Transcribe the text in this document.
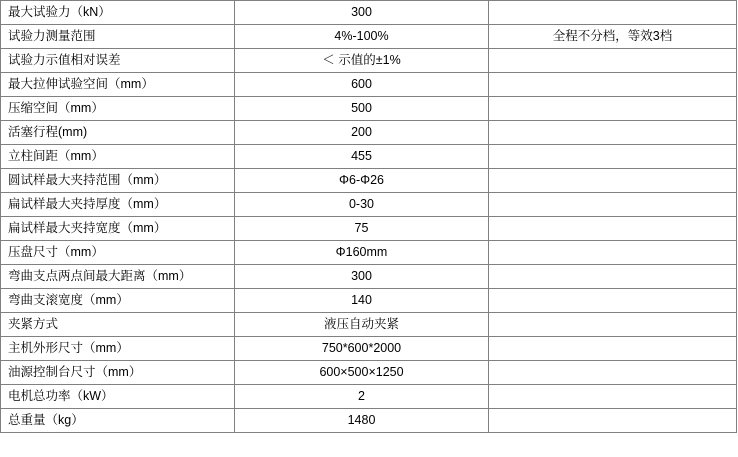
最大试验力（kN）	300	
试验力测量范围	4%-100%	全程不分档，等效3档
试验力示值相对误差	＜ 示值的±1%	
最大拉伸试验空间（mm）	600	
压缩空间（mm）	500	
活塞行程(mm)	200	
立柱间距（mm）	455	
圆试样最大夹持范围（mm）	Φ6-Φ26	
扁试样最大夹持厚度（mm）	0-30	
扁试样最大夹持宽度（mm）	75	
压盘尺寸（mm）	Φ160mm	
弯曲支点两点间最大距离（mm）	300	
弯曲支滚宽度（mm）	140	
夹紧方式	液压自动夹紧	
主机外形尺寸（mm）	750*600*2000	
油源控制台尺寸（mm）	600×500×1250	
电机总功率（kW）	2	
总重量（kg）	1480	
